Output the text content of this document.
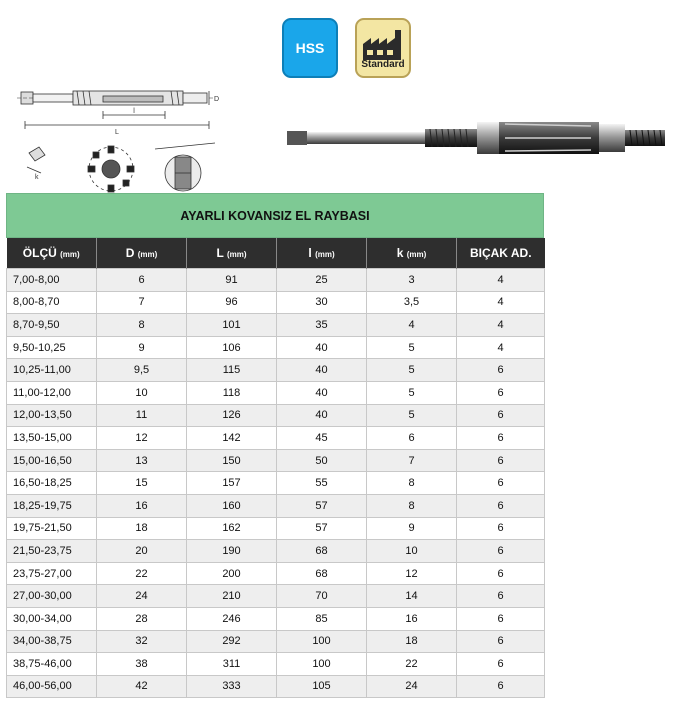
HSS
Standard
L
l
D
k
AYARLI KOVANSIZ EL RAYBASI
ÖLÇÜ (mm)	D (mm)	L (mm)	l (mm)	k (mm)	BIÇAK AD.
7,00-8,00	6	91	25	3	4
8,00-8,70	7	96	30	3,5	4
8,70-9,50	8	101	35	4	4
9,50-10,25	9	106	40	5	4
10,25-11,00	9,5	115	40	5	6
11,00-12,00	10	118	40	5	6
12,00-13,50	11	126	40	5	6
13,50-15,00	12	142	45	6	6
15,00-16,50	13	150	50	7	6
16,50-18,25	15	157	55	8	6
18,25-19,75	16	160	57	8	6
19,75-21,50	18	162	57	9	6
21,50-23,75	20	190	68	10	6
23,75-27,00	22	200	68	12	6
27,00-30,00	24	210	70	14	6
30,00-34,00	28	246	85	16	6
34,00-38,75	32	292	100	18	6
38,75-46,00	38	311	100	22	6
46,00-56,00	42	333	105	24	6
